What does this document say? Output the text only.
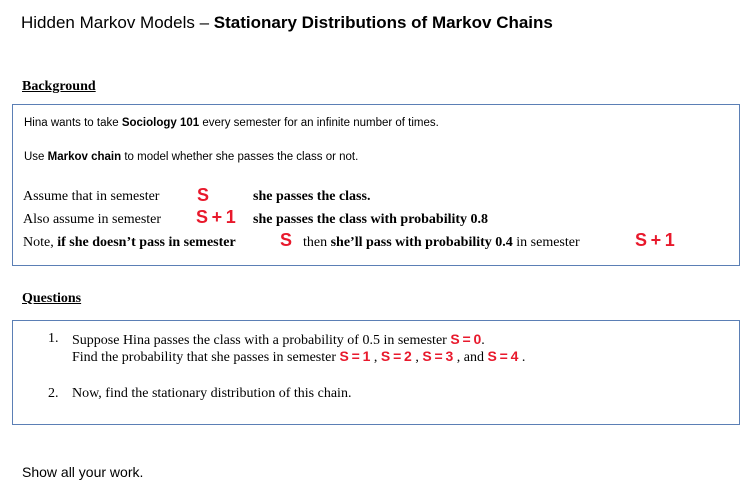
Hidden Markov Models – Stationary Distributions of Markov Chains
Background
Hina wants to take Sociology 101 every semester for an infinite number of times.
Use Markov chain to model whether she passes the class or not.
Assume that in semester S	she passes the class.
Also assume in semester S + 1 she passes the class with probability 0.8
Note, if she doesn’t pass in semester S then she’ll pass with probability 0.4 in semester	S + 1
Questions
1. Suppose Hina passes the class with a probability of 0.5 in semester S = 0.
Find the probability that she passes in semester S = 1 , S = 2 , S = 3 , and S = 4 .
2. Now, find the stationary distribution of this chain.
Show all your work.
